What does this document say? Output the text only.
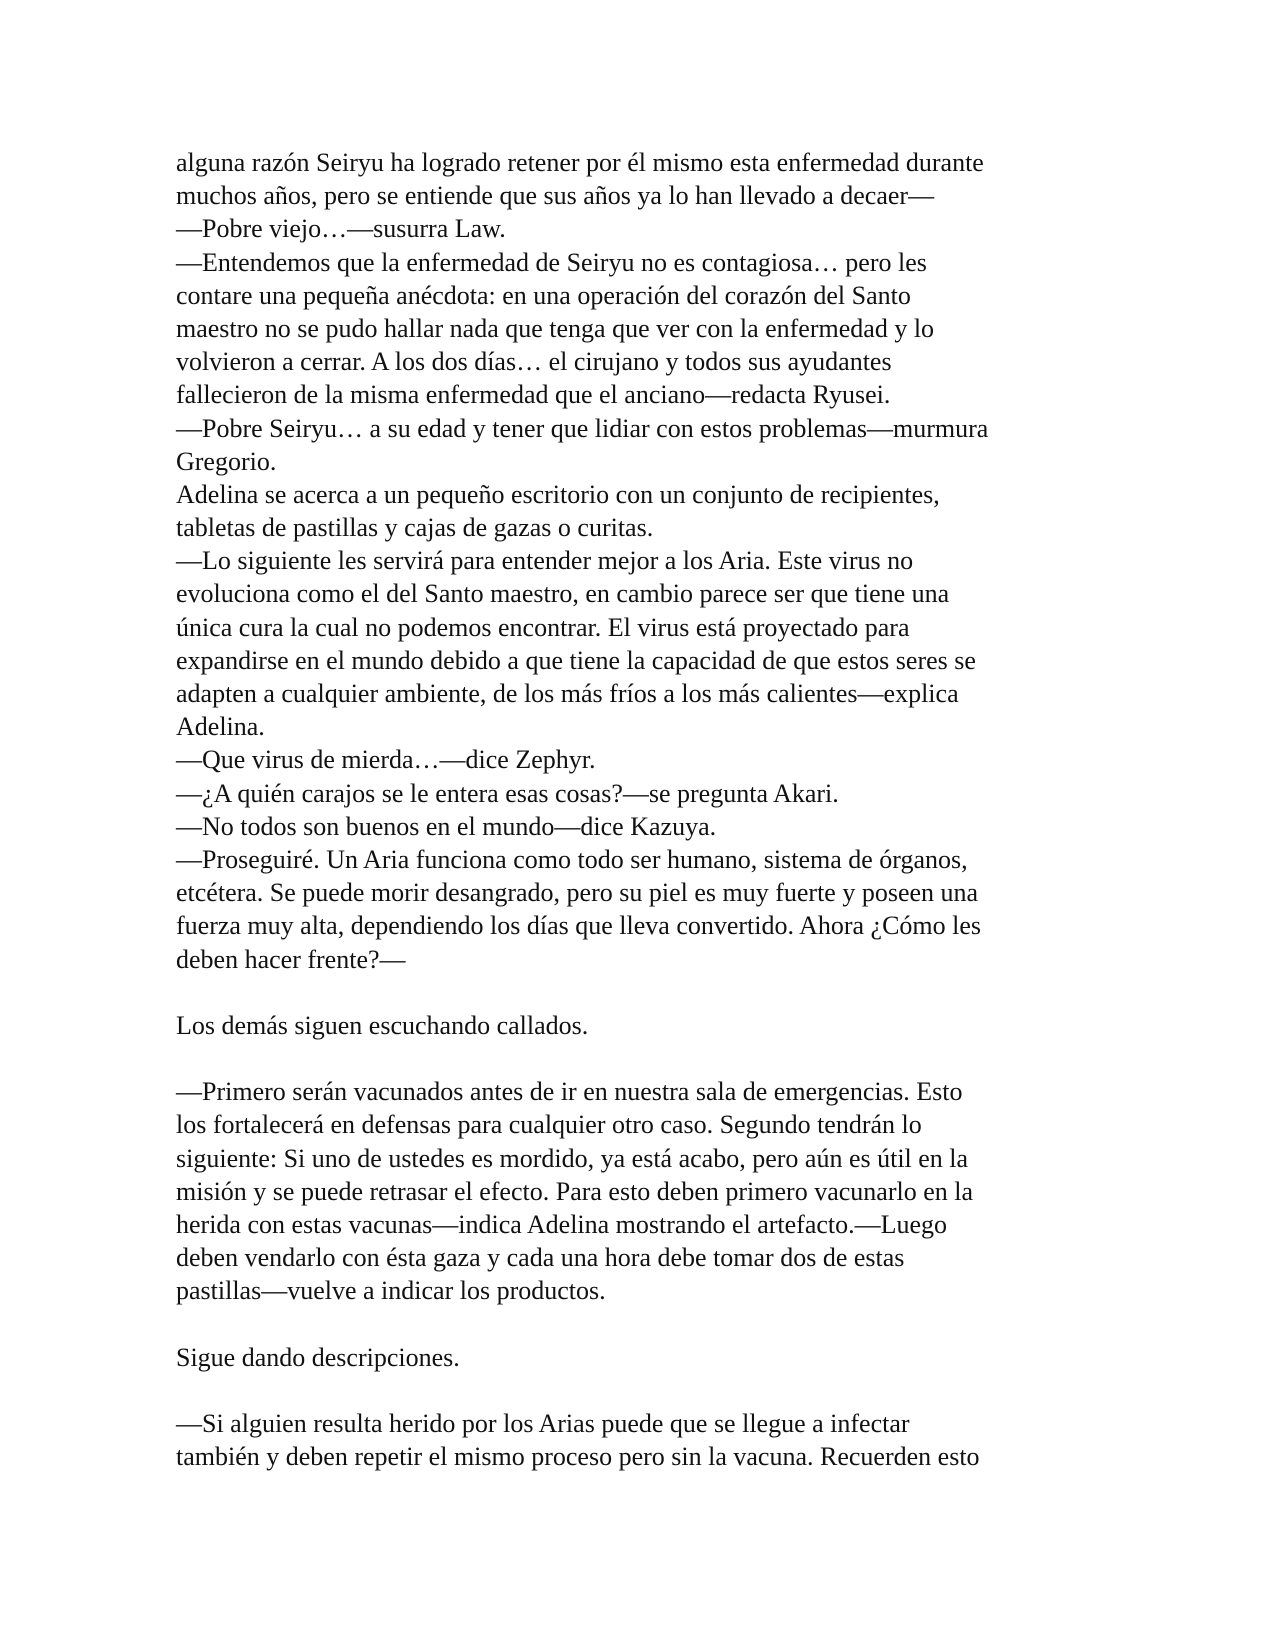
alguna razón Seiryu ha logrado retener por él mismo esta enfermedad durante
muchos años, pero se entiende que sus años ya lo han llevado a decaer—
—Pobre viejo…—susurra Law.
—Entendemos que la enfermedad de Seiryu no es contagiosa… pero les
contare una pequeña anécdota: en una operación del corazón del Santo
maestro no se pudo hallar nada que tenga que ver con la enfermedad y lo
volvieron a cerrar. A los dos días… el cirujano y todos sus ayudantes
fallecieron de la misma enfermedad que el anciano—redacta Ryusei.
—Pobre Seiryu… a su edad y tener que lidiar con estos problemas—murmura
Gregorio.
Adelina se acerca a un pequeño escritorio con un conjunto de recipientes,
tabletas de pastillas y cajas de gazas o curitas.
—Lo siguiente les servirá para entender mejor a los Aria. Este virus no
evoluciona como el del Santo maestro, en cambio parece ser que tiene una
única cura la cual no podemos encontrar. El virus está proyectado para
expandirse en el mundo debido a que tiene la capacidad de que estos seres se
adapten a cualquier ambiente, de los más fríos a los más calientes—explica
Adelina.
—Que virus de mierda…—dice Zephyr.
—¿A quién carajos se le entera esas cosas?—se pregunta Akari.
—No todos son buenos en el mundo—dice Kazuya.
—Proseguiré. Un Aria funciona como todo ser humano, sistema de órganos,
etcétera. Se puede morir desangrado, pero su piel es muy fuerte y poseen una
fuerza muy alta, dependiendo los días que lleva convertido. Ahora ¿Cómo les
deben hacer frente?—
Los demás siguen escuchando callados.
—Primero serán vacunados antes de ir en nuestra sala de emergencias. Esto
los fortalecerá en defensas para cualquier otro caso. Segundo tendrán lo
siguiente: Si uno de ustedes es mordido, ya está acabo, pero aún es útil en la
misión y se puede retrasar el efecto. Para esto deben primero vacunarlo en la
herida con estas vacunas—indica Adelina mostrando el artefacto.—Luego
deben vendarlo con ésta gaza y cada una hora debe tomar dos de estas
pastillas—vuelve a indicar los productos.
Sigue dando descripciones.
—Si alguien resulta herido por los Arias puede que se llegue a infectar
también y deben repetir el mismo proceso pero sin la vacuna. Recuerden esto
